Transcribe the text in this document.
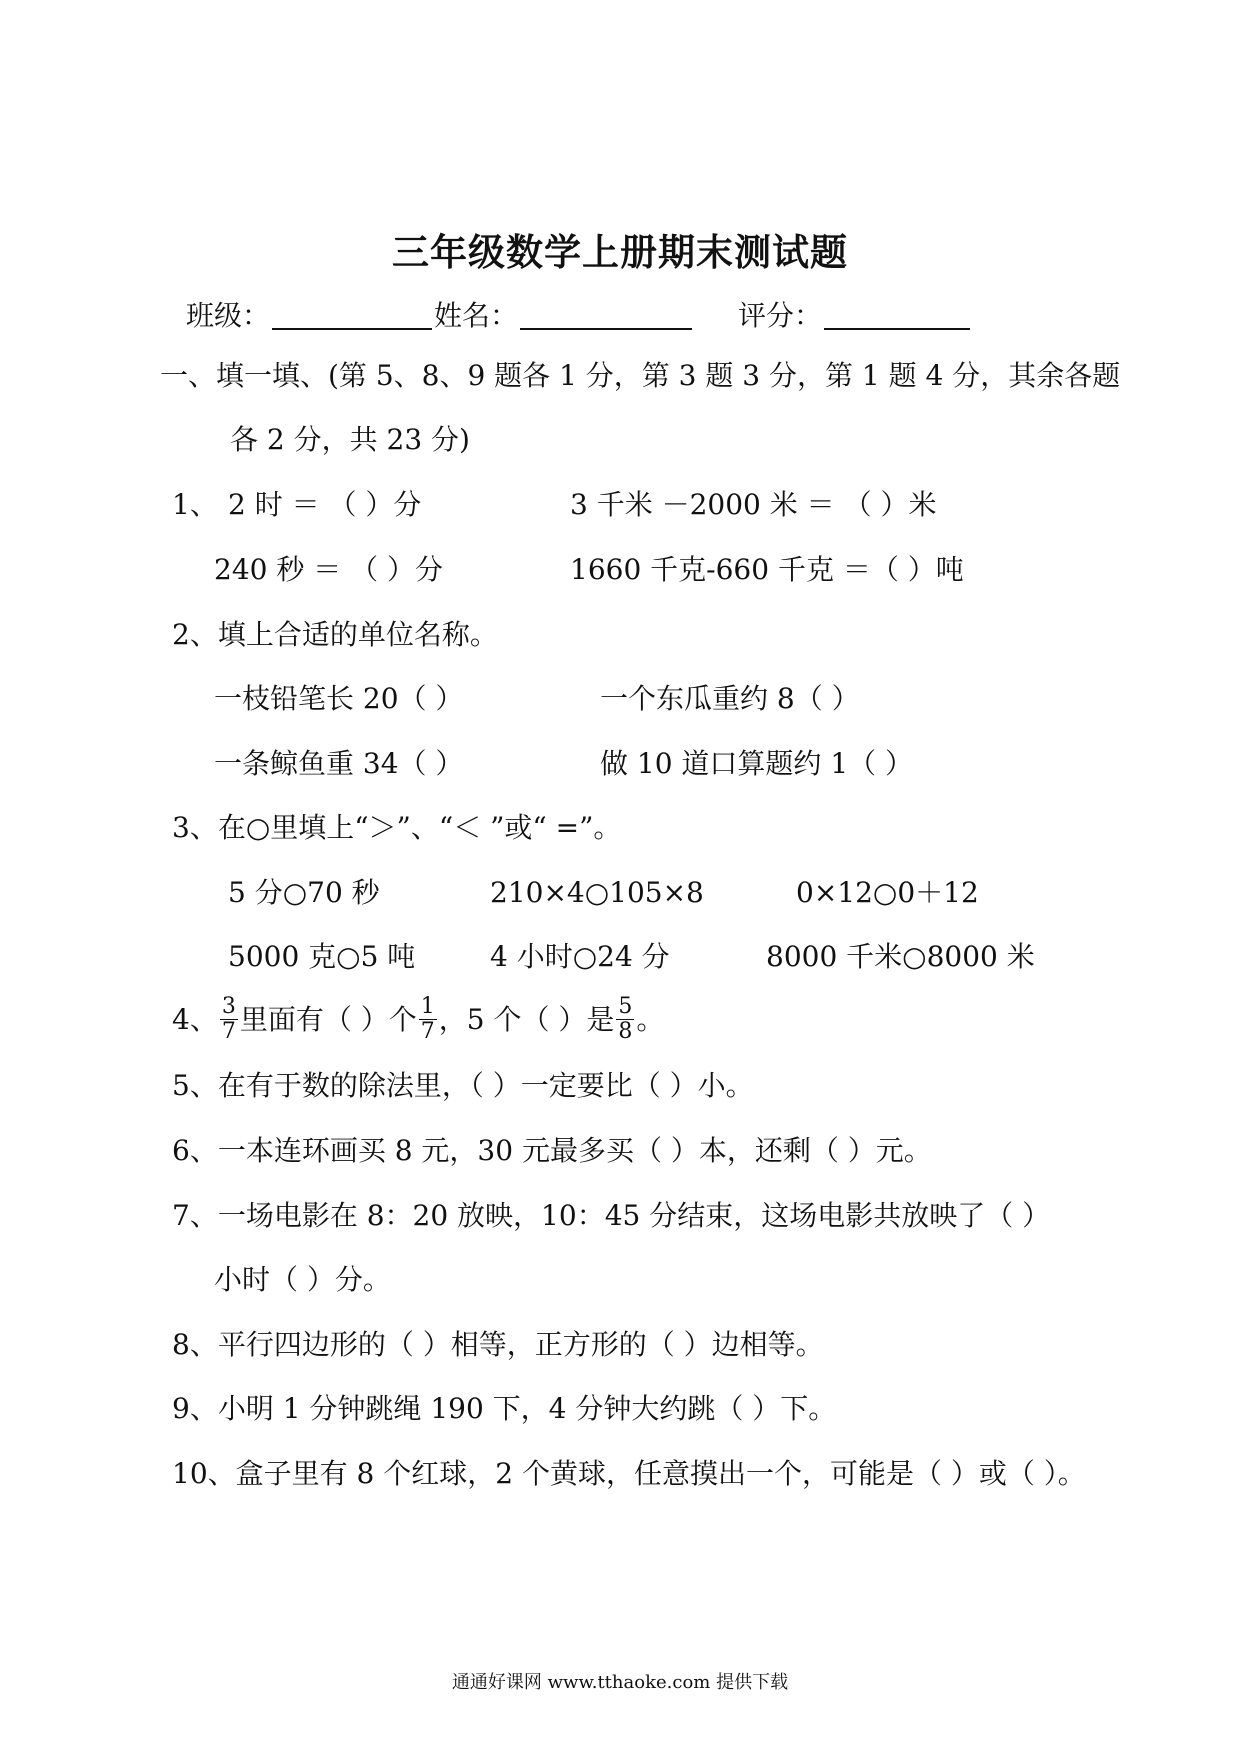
三年级数学上册期末测试题
班级：	姓名：	评分：
一、填一填、(第 5、8、9 题各 1 分，第 3 题 3 分，第 1 题 4 分，其余各题
各 2 分，共 23 分)
1、 2 时 ＝ （ ）分	3 千米 －2000 米 ＝ （ ）米
240 秒 ＝ （ ）分	1660 千克-660 千克 ＝（ ）吨
2、填上合适的单位名称。
一枝铅笔长 20（ ）	一个东瓜重约 8（ ）
一条鲸鱼重 34（ ）	做 10 道口算题约 1（ ）
3、在○里填上“＞”、“＜ ”或“ =”。
5 分○70 秒	210×4○105×8	0×12○0＋12
5000 克○5 吨	4 小时○24 分	8000 千米○8000 米
4、 $\frac{3}{7}$ 里面有（ ）个 $\frac{1}{7}$ ，5 个（ ）是 $\frac{5}{8}$ 。
5、在有于数的除法里，（ ）一定要比（ ）小。
6、一本连环画买 8 元，30 元最多买（ ）本，还剩（ ）元。
7、一场电影在 8：20 放映，10：45 分结束，这场电影共放映了（ ）
小时（ ）分。
8、平行四边形的（ ）相等，正方形的（ ）边相等。
9、小明 1 分钟跳绳 190 下，4 分钟大约跳（ ）下。
10、盒子里有 8 个红球，2 个黄球，任意摸出一个，可能是（ ）或（ ）。
通通好课网 www.tthaoke.com 提供下载
